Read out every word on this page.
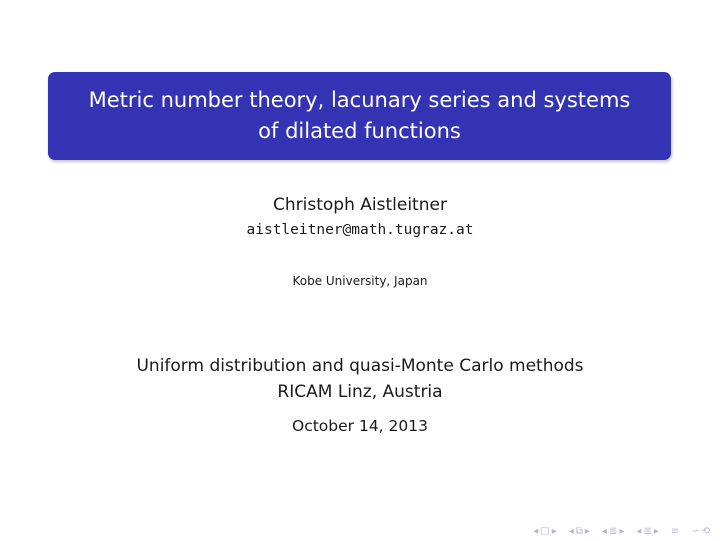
Metric number theory, lacunary series and systems
of dilated functions
Christoph Aistleitner
aistleitner@math.tugraz.at
Kobe University, Japan
Uniform distribution and quasi-Monte Carlo methods
RICAM Linz, Austria
October 14, 2013
◂ □ ▸ ◂ ⧉ ▸ ◂ ≣ ▸ ◂ ≣ ▸ ≡ ∽ ⟲
